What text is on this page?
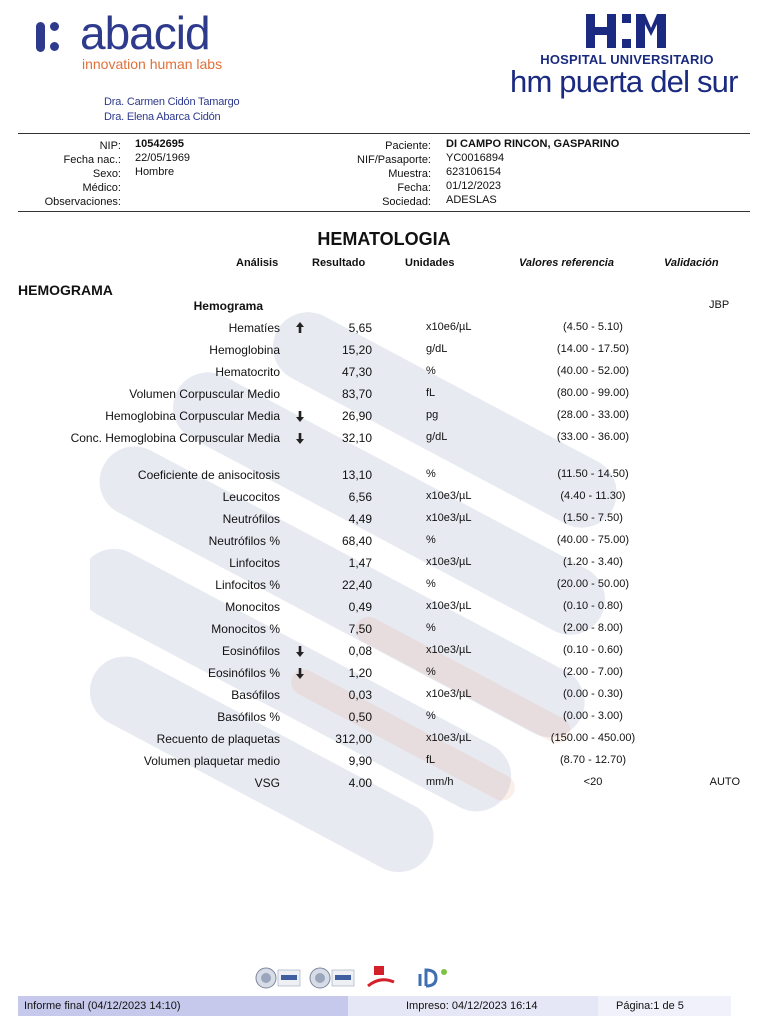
abacid
innovation human labs
Dra. Carmen Cidón Tamargo
Dra. Elena Abarca Cidón
HOSPITAL UNIVERSITARIO
hm puerta del sur
NIP: 10542695
Fecha nac.: 22/05/1969
Sexo: Hombre
Médico:
Observaciones:
Paciente: DI CAMPO RINCON, GASPARINO
NIF/Pasaporte: YC0016894
Muestra: 623106154
Fecha: 01/12/2023
Sociedad: ADESLAS
HEMATOLOGIA
Análisis	Resultado	Unidades	Valores referencia	Validación
HEMOGRAMA
Hemograma	JBP
Hematíes	5,65	x10e6/µL	(4.50 - 5.10)
Hemoglobina	15,20	g/dL	(14.00 - 17.50)
Hematocrito	47,30	%	(40.00 - 52.00)
Volumen Corpuscular Medio	83,70	fL	(80.00 - 99.00)
Hemoglobina Corpuscular Media	26,90	pg	(28.00 - 33.00)
Conc. Hemoglobina Corpuscular Media	32,10	g/dL	(33.00 - 36.00)
Coeficiente de anisocitosis	13,10	%	(11.50 - 14.50)
Leucocitos	6,56	x10e3/µL	(4.40 - 11.30)
Neutrófilos	4,49	x10e3/µL	(1.50 - 7.50)
Neutrófilos %	68,40	%	(40.00 - 75.00)
Linfocitos	1,47	x10e3/µL	(1.20 - 3.40)
Linfocitos %	22,40	%	(20.00 - 50.00)
Monocitos	0,49	x10e3/µL	(0.10 - 0.80)
Monocitos %	7,50	%	(2.00 - 8.00)
Eosinófilos	0,08	x10e3/µL	(0.10 - 0.60)
Eosinófilos %	1,20	%	(2.00 - 7.00)
Basófilos	0,03	x10e3/µL	(0.00 - 0.30)
Basófilos %	0,50	%	(0.00 - 3.00)
Recuento de plaquetas	312,00	x10e3/µL	(150.00 - 450.00)
Volumen plaquetar medio	9,90	fL	(8.70 - 12.70)
VSG	4.00	mm/h	<20	AUTO
Informe final (04/12/2023 14:10)	Impreso: 04/12/2023 16:14	Página:1 de 5
